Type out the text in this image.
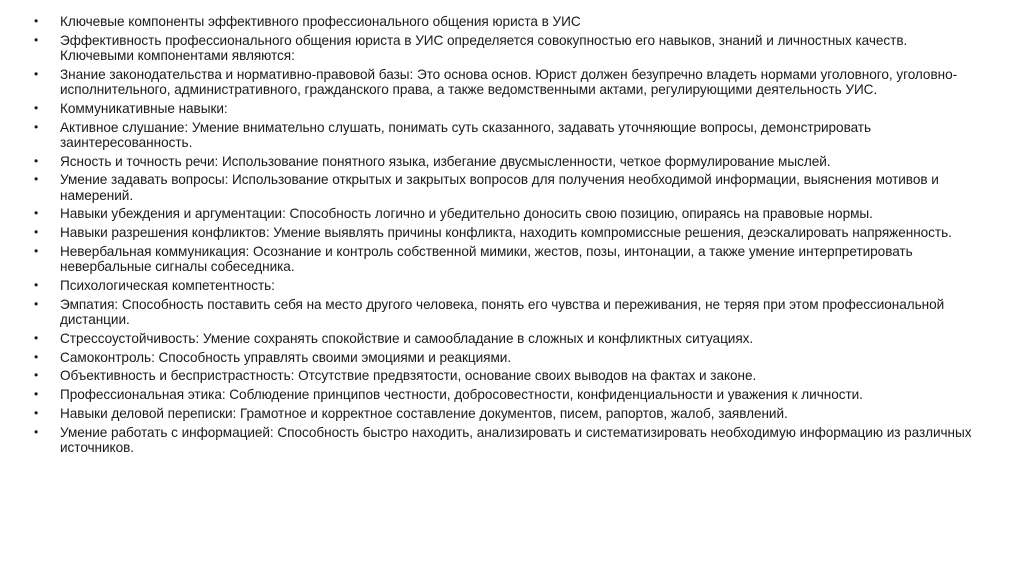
• Ключевые компоненты эффективного профессионального общения юриста в УИС
• Эффективность профессионального общения юриста в УИС определяется совокупностью его навыков, знаний и личностных качеств. Ключевыми компонентами являются:
• Знание законодательства и нормативно-правовой базы: Это основа основ. Юрист должен безупречно владеть нормами уголовного, уголовно-исполнительного, административного, гражданского права, а также ведомственными актами, регулирующими деятельность УИС.
• Коммуникативные навыки:
• Активное слушание: Умение внимательно слушать, понимать суть сказанного, задавать уточняющие вопросы, демонстрировать заинтересованность.
• Ясность и точность речи: Использование понятного языка, избегание двусмысленности, четкое формулирование мыслей.
• Умение задавать вопросы: Использование открытых и закрытых вопросов для получения необходимой информации, выяснения мотивов и намерений.
• Навыки убеждения и аргументации: Способность логично и убедительно доносить свою позицию, опираясь на правовые нормы.
• Навыки разрешения конфликтов: Умение выявлять причины конфликта, находить компромиссные решения, деэскалировать напряженность.
• Невербальная коммуникация: Осознание и контроль собственной мимики, жестов, позы, интонации, а также умение интерпретировать невербальные сигналы собеседника.
• Психологическая компетентность:
• Эмпатия: Способность поставить себя на место другого человека, понять его чувства и переживания, не теряя при этом профессиональной дистанции.
• Стрессоустойчивость: Умение сохранять спокойствие и самообладание в сложных и конфликтных ситуациях.
• Самоконтроль: Способность управлять своими эмоциями и реакциями.
• Объективность и беспристрастность: Отсутствие предвзятости, основание своих выводов на фактах и законе.
• Профессиональная этика: Соблюдение принципов честности, добросовестности, конфиденциальности и уважения к личности.
• Навыки деловой переписки: Грамотное и корректное составление документов, писем, рапортов, жалоб, заявлений.
• Умение работать с информацией: Способность быстро находить, анализировать и систематизировать необходимую информацию из различных источников.
